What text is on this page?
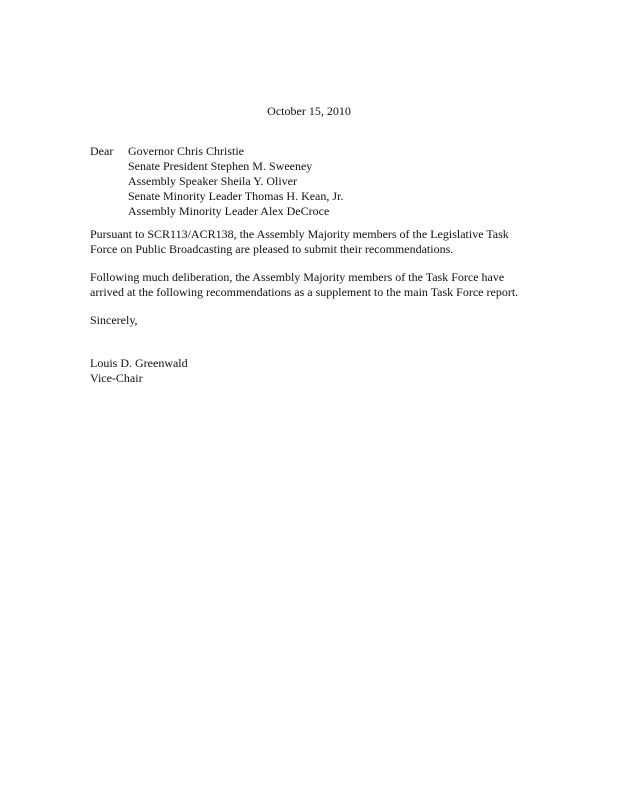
October 15, 2010
Dear	Governor Chris Christie
Senate President Stephen M. Sweeney
Assembly Speaker Sheila Y. Oliver
Senate Minority Leader Thomas H. Kean, Jr.
Assembly Minority Leader Alex DeCroce
Pursuant to SCR113/ACR138, the Assembly Majority members of the Legislative Task
Force on Public Broadcasting are pleased to submit their recommendations.
Following much deliberation, the Assembly Majority members of the Task Force have
arrived at the following recommendations as a supplement to the main Task Force report.
Sincerely,
Louis D. Greenwald
Vice-Chair
